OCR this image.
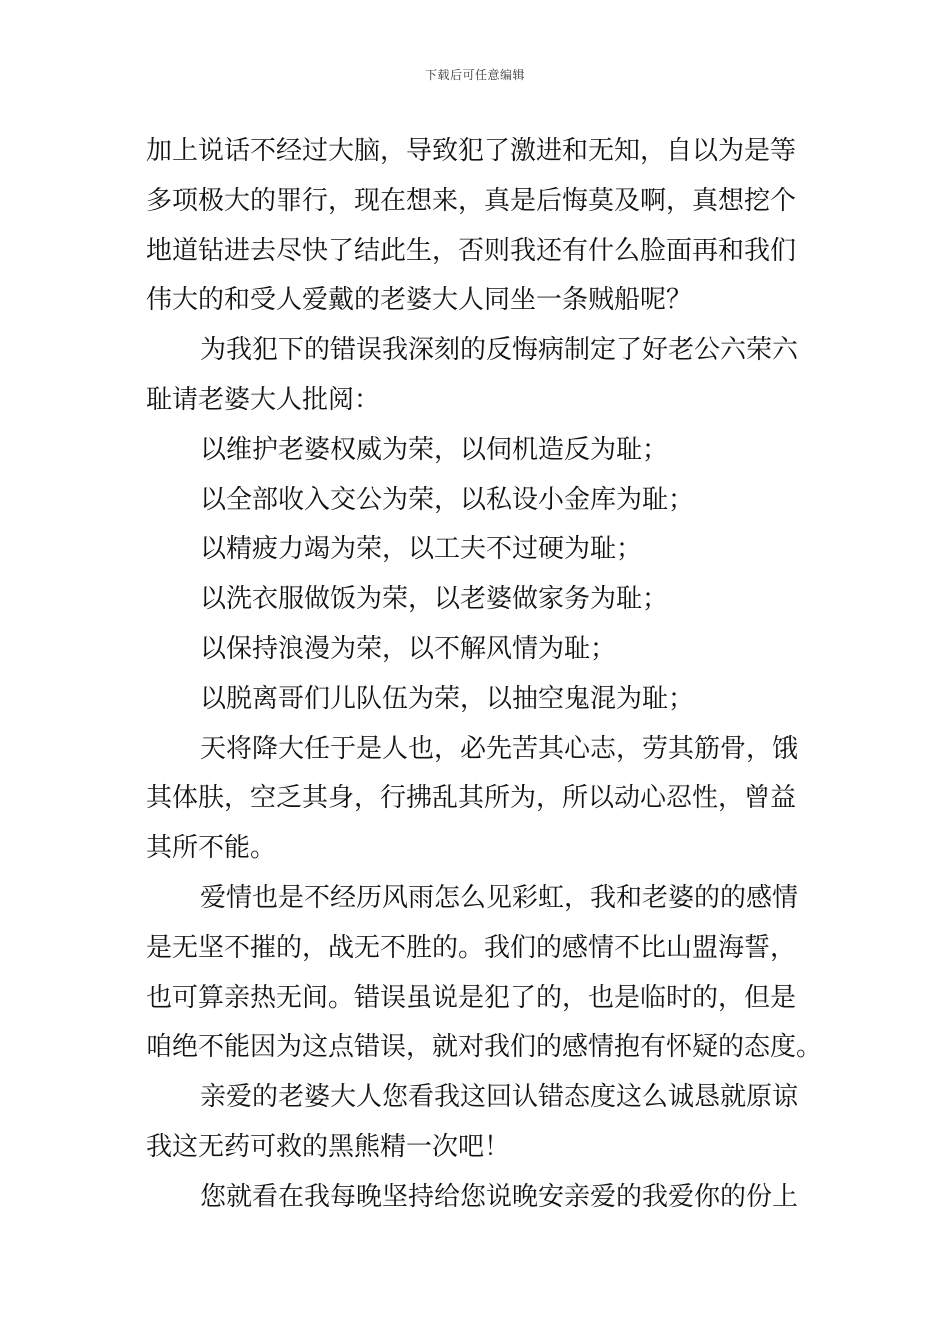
下载后可任意编辑
加上说话不经过大脑，导致犯了激进和无知，自以为是等
多项极大的罪行，现在想来，真是后悔莫及啊，真想挖个
地道钻进去尽快了结此生，否则我还有什么脸面再和我们
伟大的和受人爱戴的老婆大人同坐一条贼船呢？
为我犯下的错误我深刻的反悔病制定了好老公六荣六
耻请老婆大人批阅：
以维护老婆权威为荣，以伺机造反为耻；
以全部收入交公为荣，以私设小金库为耻；
以精疲力竭为荣，以工夫不过硬为耻；
以洗衣服做饭为荣，以老婆做家务为耻；
以保持浪漫为荣，以不解风情为耻；
以脱离哥们儿队伍为荣，以抽空鬼混为耻；
天将降大任于是人也，必先苦其心志，劳其筋骨，饿
其体肤，空乏其身，行拂乱其所为，所以动心忍性，曾益
其所不能。
爱情也是不经历风雨怎么见彩虹，我和老婆的的感情
是无坚不摧的，战无不胜的。我们的感情不比山盟海誓，
也可算亲热无间。错误虽说是犯了的，也是临时的，但是
咱绝不能因为这点错误，就对我们的感情抱有怀疑的态度。
亲爱的老婆大人您看我这回认错态度这么诚恳就原谅
我这无药可救的黑熊精一次吧！
您就看在我每晚坚持给您说晚安亲爱的我爱你的份上
